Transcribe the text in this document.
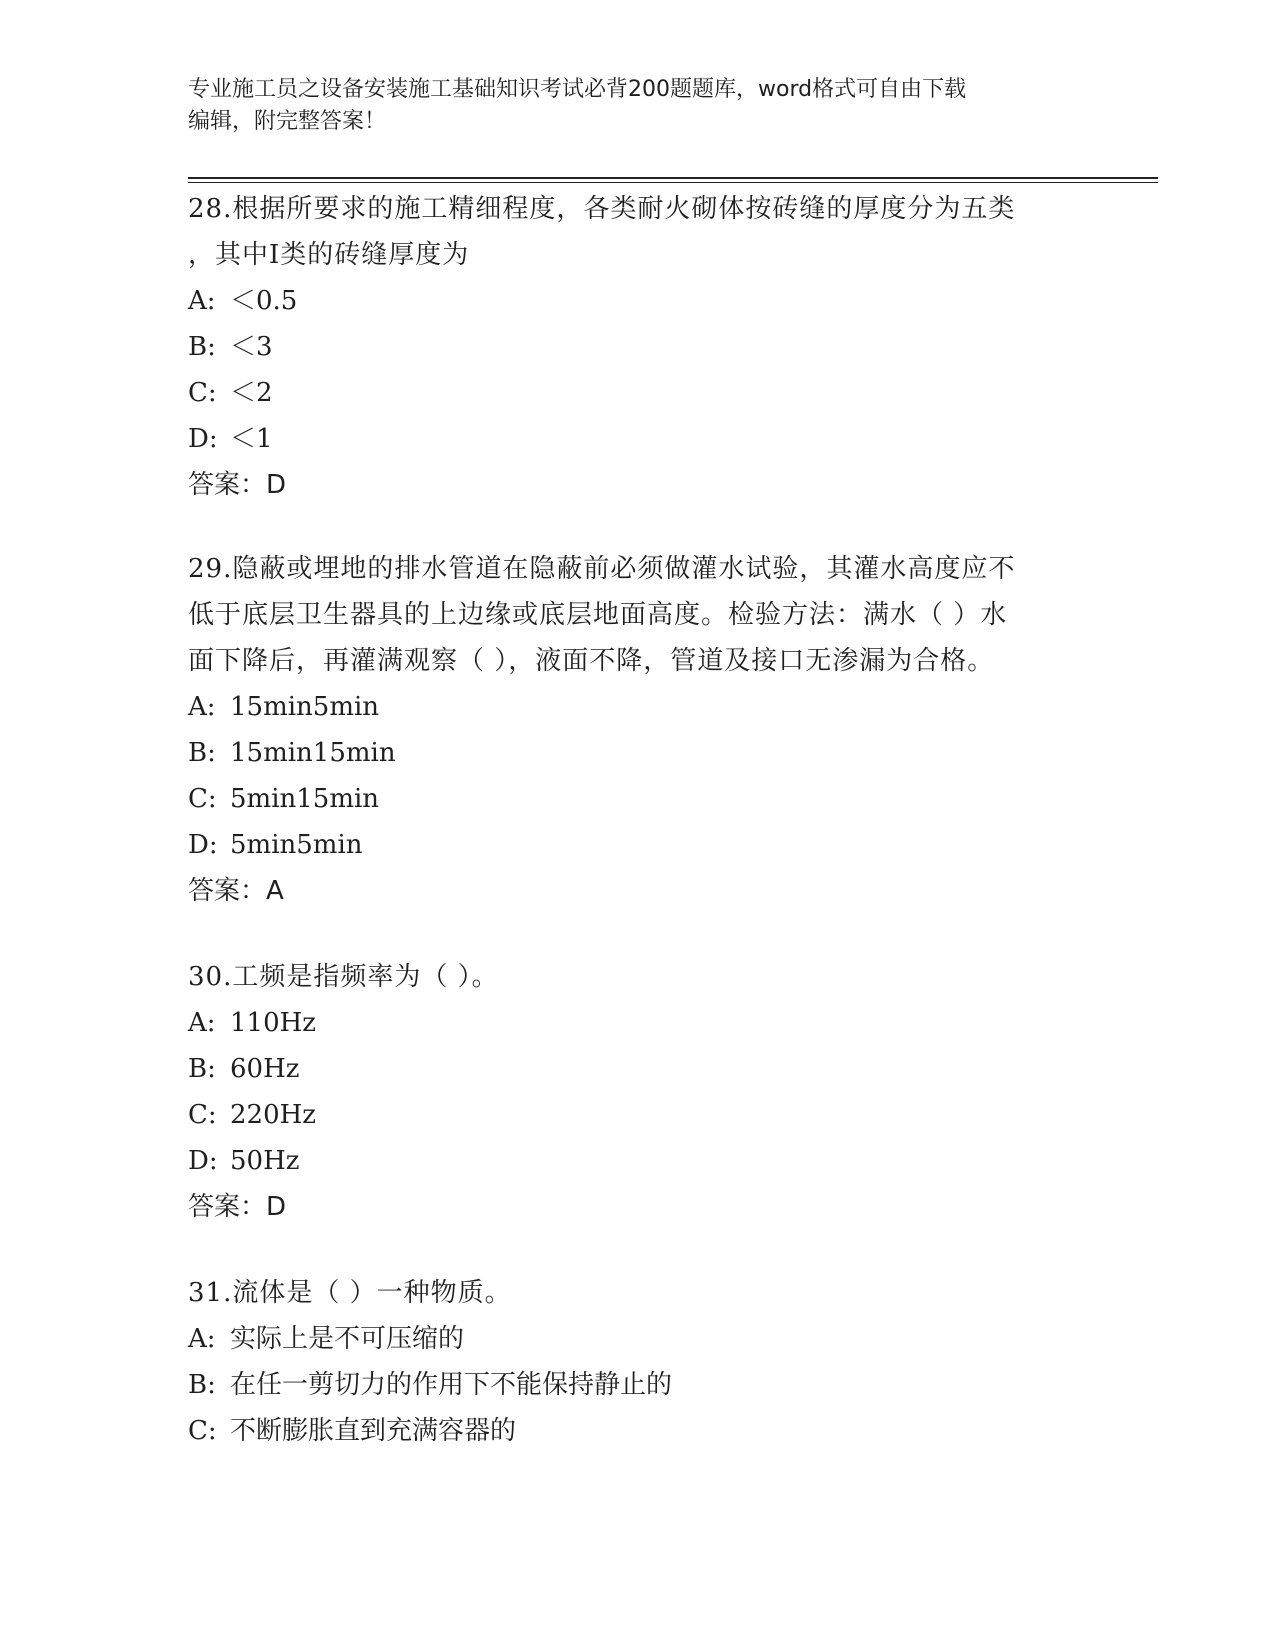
专业施工员之设备安装施工基础知识考试必背200题题库，word格式可自由下载
编辑，附完整答案！
28.根据所要求的施工精细程度，各类耐火砌体按砖缝的厚度分为五类
，其中Ⅰ类的砖缝厚度为
A: ＜0.5
B: ＜3
C: ＜2
D: ＜1
答案：D
29.隐蔽或埋地的排水管道在隐蔽前必须做灌水试验，其灌水高度应不
低于底层卫生器具的上边缘或底层地面高度。检验方法：满水（ ）水
面下降后，再灌满观察（ ），液面不降，管道及接口无渗漏为合格。
A: 15min5min
B: 15min15min
C: 5min15min
D: 5min5min
答案：A
30.工频是指频率为（ ）。
A: 110Hz
B: 60Hz
C: 220Hz
D: 50Hz
答案：D
31.流体是（ ）一种物质。
A: 实际上是不可压缩的
B: 在任一剪切力的作用下不能保持静止的
C: 不断膨胀直到充满容器的
